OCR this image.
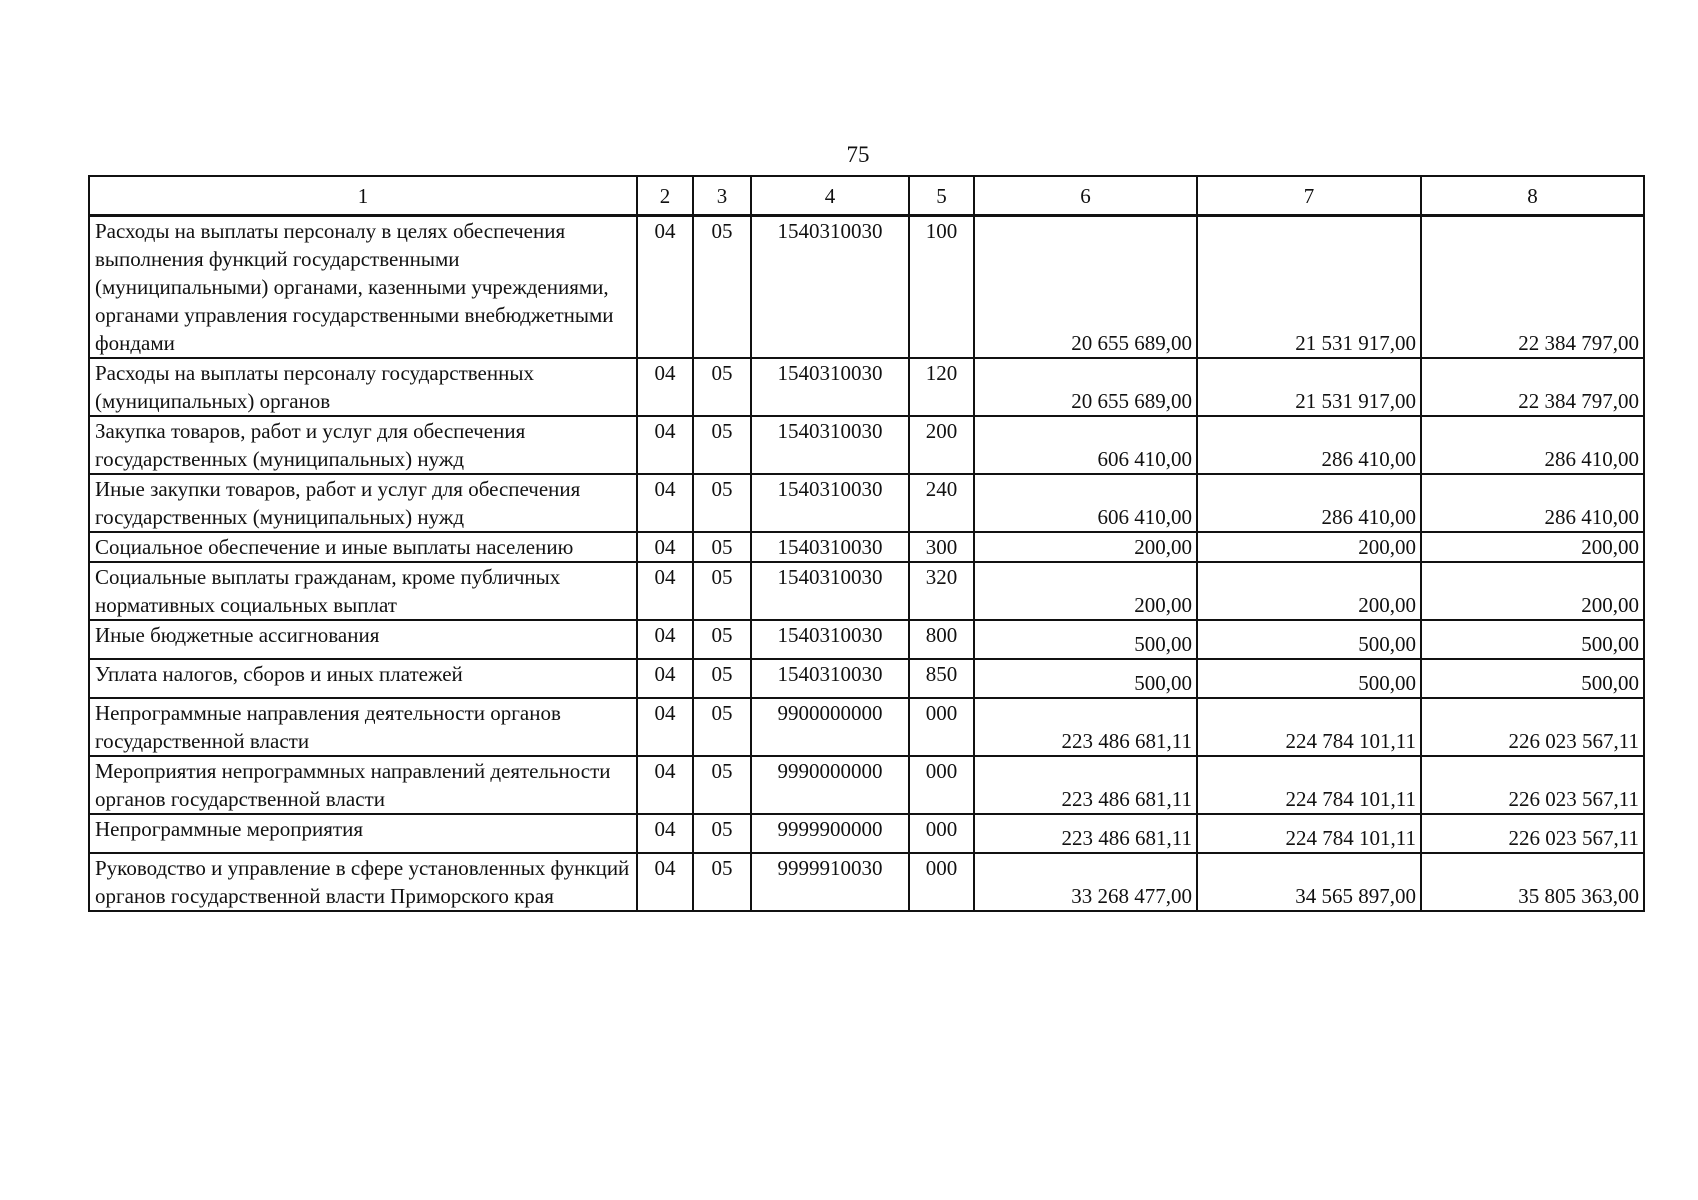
75
1	2	3	4	5	6	7	8
Расходы на выплаты персоналу в целях обеспечения выполнения функций государственными (муниципальными) органами, казенными учреждениями, органами управления государственными внебюджетными фондами	04	05	1540310030	100	20 655 689,00	21 531 917,00	22 384 797,00
Расходы на выплаты персоналу государственных (муниципальных) органов	04	05	1540310030	120	20 655 689,00	21 531 917,00	22 384 797,00
Закупка товаров, работ и услуг для обеспечения государственных (муниципальных) нужд	04	05	1540310030	200	606 410,00	286 410,00	286 410,00
Иные закупки товаров, работ и услуг для обеспечения государственных (муниципальных) нужд	04	05	1540310030	240	606 410,00	286 410,00	286 410,00
Социальное обеспечение и иные выплаты населению	04	05	1540310030	300	200,00	200,00	200,00
Социальные выплаты гражданам, кроме публичных нормативных социальных выплат	04	05	1540310030	320	200,00	200,00	200,00
Иные бюджетные ассигнования	04	05	1540310030	800	500,00	500,00	500,00
Уплата налогов, сборов и иных платежей	04	05	1540310030	850	500,00	500,00	500,00
Непрограммные направления деятельности органов государственной власти	04	05	9900000000	000	223 486 681,11	224 784 101,11	226 023 567,11
Мероприятия непрограммных направлений деятельности органов государственной власти	04	05	9990000000	000	223 486 681,11	224 784 101,11	226 023 567,11
Непрограммные мероприятия	04	05	9999900000	000	223 486 681,11	224 784 101,11	226 023 567,11
Руководство и управление в сфере установленных функций органов государственной власти Приморского края	04	05	9999910030	000	33 268 477,00	34 565 897,00	35 805 363,00
